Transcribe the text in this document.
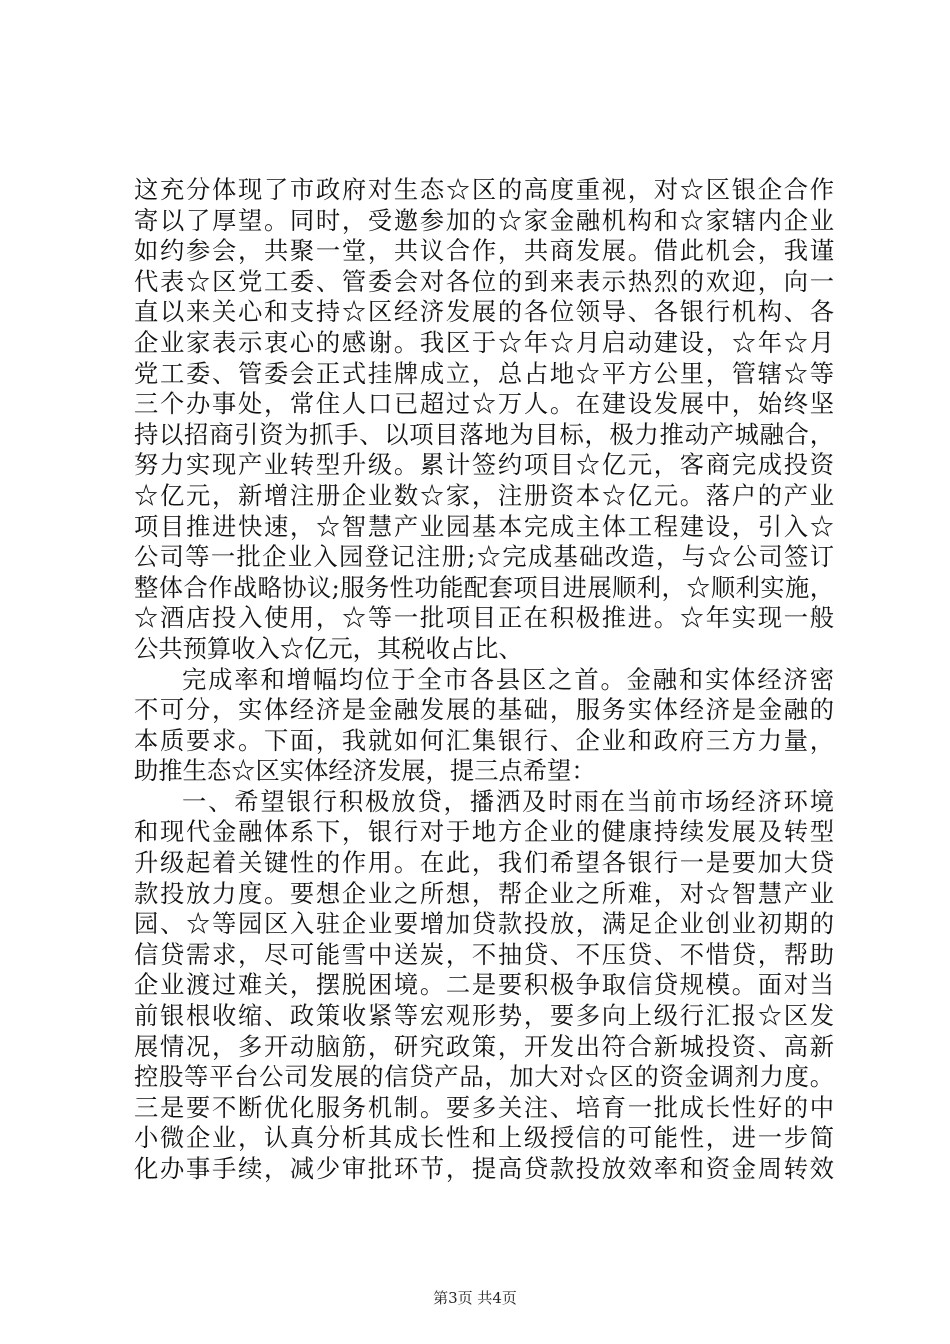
这充分体现了市政府对生态☆区的高度重视，对☆区银企合作
寄以了厚望。同时，受邀参加的☆家金融机构和☆家辖内企业
如约参会，共聚一堂，共议合作，共商发展。借此机会，我谨
代表☆区党工委、管委会对各位的到来表示热烈的欢迎，向一
直以来关心和支持☆区经济发展的各位领导、各银行机构、各
企业家表示衷心的感谢。我区于☆年☆月启动建设，☆年☆月
党工委、管委会正式挂牌成立，总占地☆平方公里，管辖☆等
三个办事处，常住人口已超过☆万人。在建设发展中，始终坚
持以招商引资为抓手、以项目落地为目标，极力推动产城融合，
努力实现产业转型升级。累计签约项目☆亿元，客商完成投资
☆亿元，新增注册企业数☆家，注册资本☆亿元。落户的产业
项目推进快速，☆智慧产业园基本完成主体工程建设，引入☆
公司等一批企业入园登记注册;☆完成基础改造，与☆公司签订
整体合作战略协议;服务性功能配套项目进展顺利，☆顺利实施，
☆酒店投入使用，☆等一批项目正在积极推进。☆年实现一般
公共预算收入☆亿元，其税收占比、
完成率和增幅均位于全市各县区之首。金融和实体经济密
不可分，实体经济是金融发展的基础，服务实体经济是金融的
本质要求。下面，我就如何汇集银行、企业和政府三方力量，
助推生态☆区实体经济发展，提三点希望：
一、希望银行积极放贷，播洒及时雨在当前市场经济环境
和现代金融体系下，银行对于地方企业的健康持续发展及转型
升级起着关键性的作用。在此，我们希望各银行一是要加大贷
款投放力度。要想企业之所想，帮企业之所难，对☆智慧产业
园、☆等园区入驻企业要增加贷款投放，满足企业创业初期的
信贷需求，尽可能雪中送炭，不抽贷、不压贷、不惜贷，帮助
企业渡过难关，摆脱困境。二是要积极争取信贷规模。面对当
前银根收缩、政策收紧等宏观形势，要多向上级行汇报☆区发
展情况，多开动脑筋，研究政策，开发出符合新城投资、高新
控股等平台公司发展的信贷产品，加大对☆区的资金调剂力度。
三是要不断优化服务机制。要多关注、培育一批成长性好的中
小微企业，认真分析其成长性和上级授信的可能性，进一步简
化办事手续，减少审批环节，提高贷款投放效率和资金周转效
第3页 共4页
